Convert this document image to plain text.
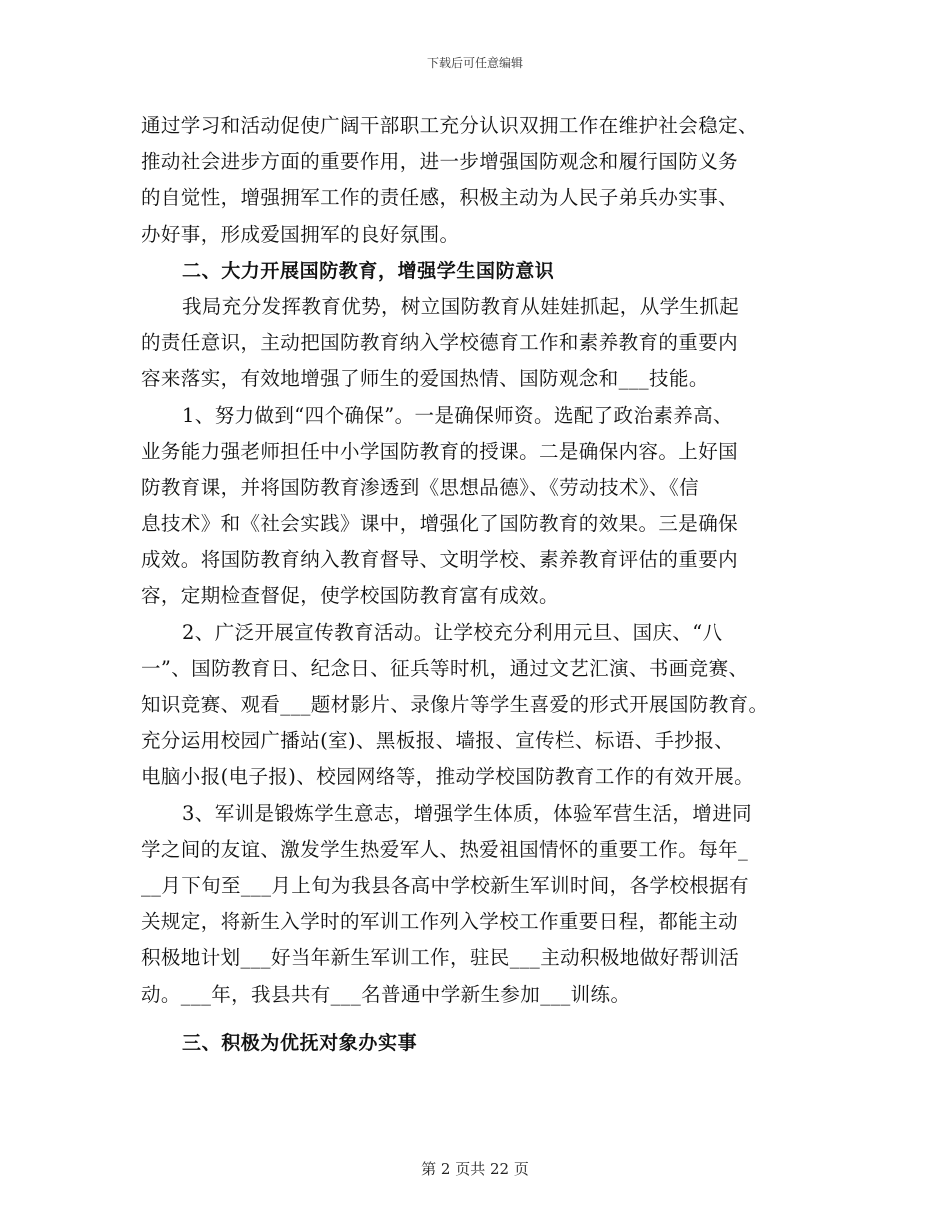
下载后可任意编辑
通过学习和活动促使广阔干部职工充分认识双拥工作在维护社会稳定、
推动社会进步方面的重要作用，进一步增强国防观念和履行国防义务
的自觉性，增强拥军工作的责任感，积极主动为人民子弟兵办实事、
办好事，形成爱国拥军的良好氛围。
二、大力开展国防教育，增强学生国防意识
我局充分发挥教育优势，树立国防教育从娃娃抓起，从学生抓起
的责任意识，主动把国防教育纳入学校德育工作和素养教育的重要内
容来落实，有效地增强了师生的爱国热情、国防观念和___技能。
1、努力做到“四个确保”。一是确保师资。选配了政治素养高、
业务能力强老师担任中小学国防教育的授课。二是确保内容。上好国
防教育课，并将国防教育渗透到《思想品德》、《劳动技术》、《信
息技术》和《社会实践》课中，增强化了国防教育的效果。三是确保
成效。将国防教育纳入教育督导、文明学校、素养教育评估的重要内
容，定期检查督促，使学校国防教育富有成效。
2、广泛开展宣传教育活动。让学校充分利用元旦、国庆、“八
一”、国防教育日、纪念日、征兵等时机，通过文艺汇演、书画竞赛、
知识竞赛、观看___题材影片、录像片等学生喜爱的形式开展国防教育。
充分运用校园广播站(室)、黑板报、墙报、宣传栏、标语、手抄报、
电脑小报(电子报)、校园网络等，推动学校国防教育工作的有效开展。
3、军训是锻炼学生意志，增强学生体质，体验军营生活，增进同
学之间的友谊、激发学生热爱军人、热爱祖国情怀的重要工作。每年_
__月下旬至___月上旬为我县各高中学校新生军训时间，各学校根据有
关规定，将新生入学时的军训工作列入学校工作重要日程，都能主动
积极地计划___好当年新生军训工作，驻民___主动积极地做好帮训活
动。___年，我县共有___名普通中学新生参加___训练。
三、积极为优抚对象办实事
第 2 页共 22 页
